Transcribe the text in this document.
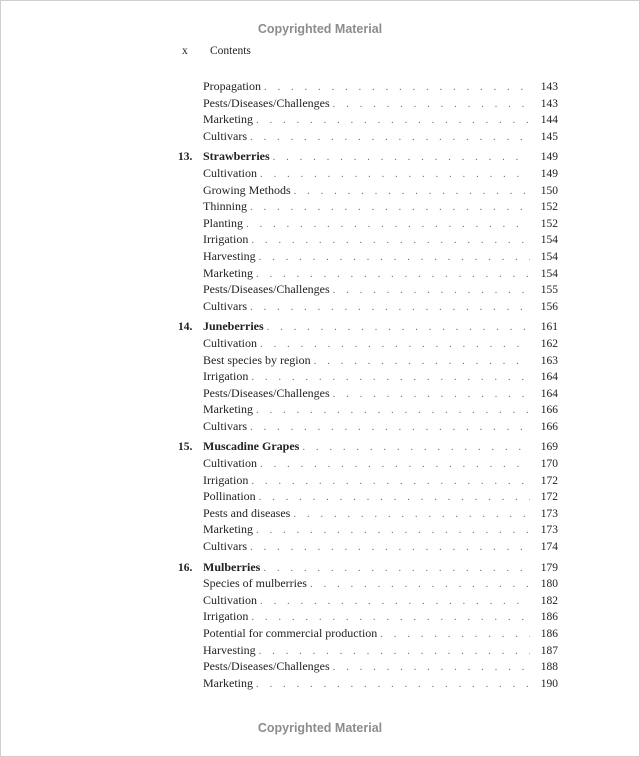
Copyrighted Material
x Contents
Propagation . . .	143
Pests/Diseases/Challenges . . .	143
Marketing . . .	144
Cultivars . . .	145
13. Strawberries . . .	149
Cultivation . . .	149
Growing Methods . . .	150
Thinning . . .	152
Planting . . .	152
Irrigation . . .	154
Harvesting . . .	154
Marketing . . .	154
Pests/Diseases/Challenges . . .	155
Cultivars . . .	156
14. Juneberries . . .	161
Cultivation . . .	162
Best species by region . . .	163
Irrigation . . .	164
Pests/Diseases/Challenges . . .	164
Marketing . . .	166
Cultivars . . .	166
15. Muscadine Grapes . . .	169
Cultivation . . .	170
Irrigation . . .	172
Pollination . . .	172
Pests and diseases . . .	173
Marketing . . .	173
Cultivars . . .	174
16. Mulberries . . .	179
Species of mulberries . . .	180
Cultivation . . .	182
Irrigation . . .	186
Potential for commercial production . . .	186
Harvesting . . .	187
Pests/Diseases/Challenges . . .	188
Marketing . . .	190
Copyrighted Material
